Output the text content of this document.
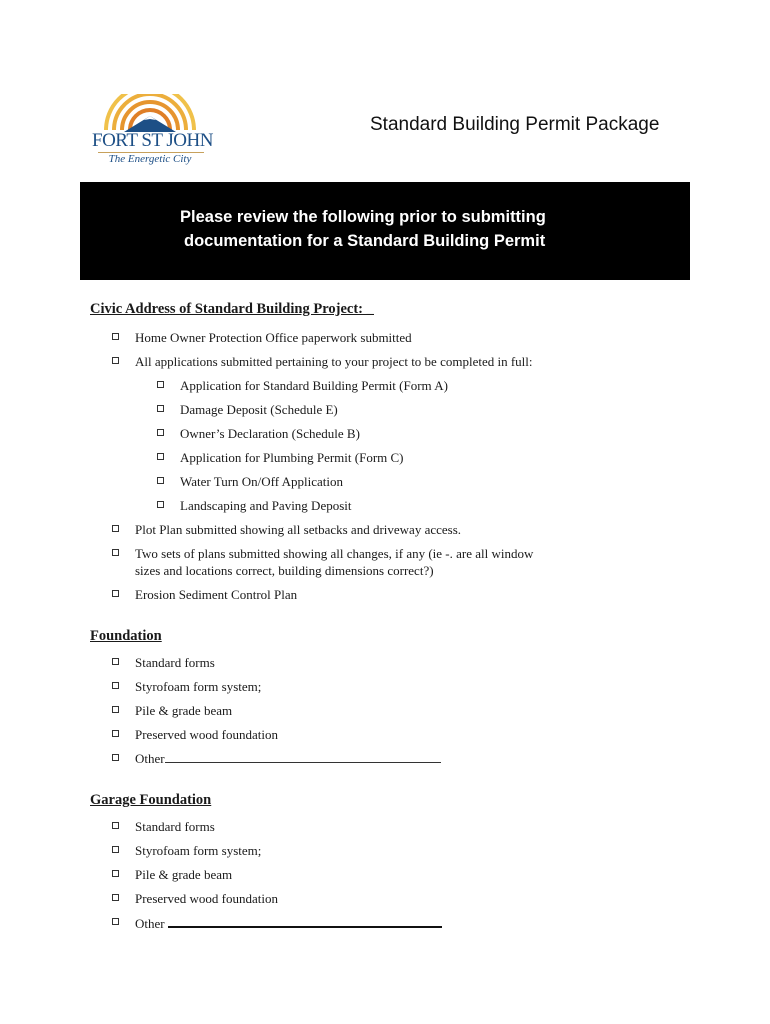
FORT ST JOHN
The Energetic City
Standard Building Permit Package
Please review the following prior to submitting
documentation for a Standard Building Permit
Civic Address of Standard Building Project: _
Home Owner Protection Office paperwork submitted
All applications submitted pertaining to your project to be completed in full:
Application for Standard Building Permit (Form A)
Damage Deposit (Schedule E)
Owner’s Declaration (Schedule B)
Application for Plumbing Permit (Form C)
Water Turn On/Off Application
Landscaping and Paving Deposit
Plot Plan submitted showing all setbacks and driveway access.
Two sets of plans submitted showing all changes, if any (ie -. are all window
sizes and locations correct, building dimensions correct?)
Erosion Sediment Control Plan
Foundation
Standard forms
Styrofoam form system;
Pile & grade beam
Preserved wood foundation
Other
Garage Foundation
Standard forms
Styrofoam form system;
Pile & grade beam
Preserved wood foundation
Other
